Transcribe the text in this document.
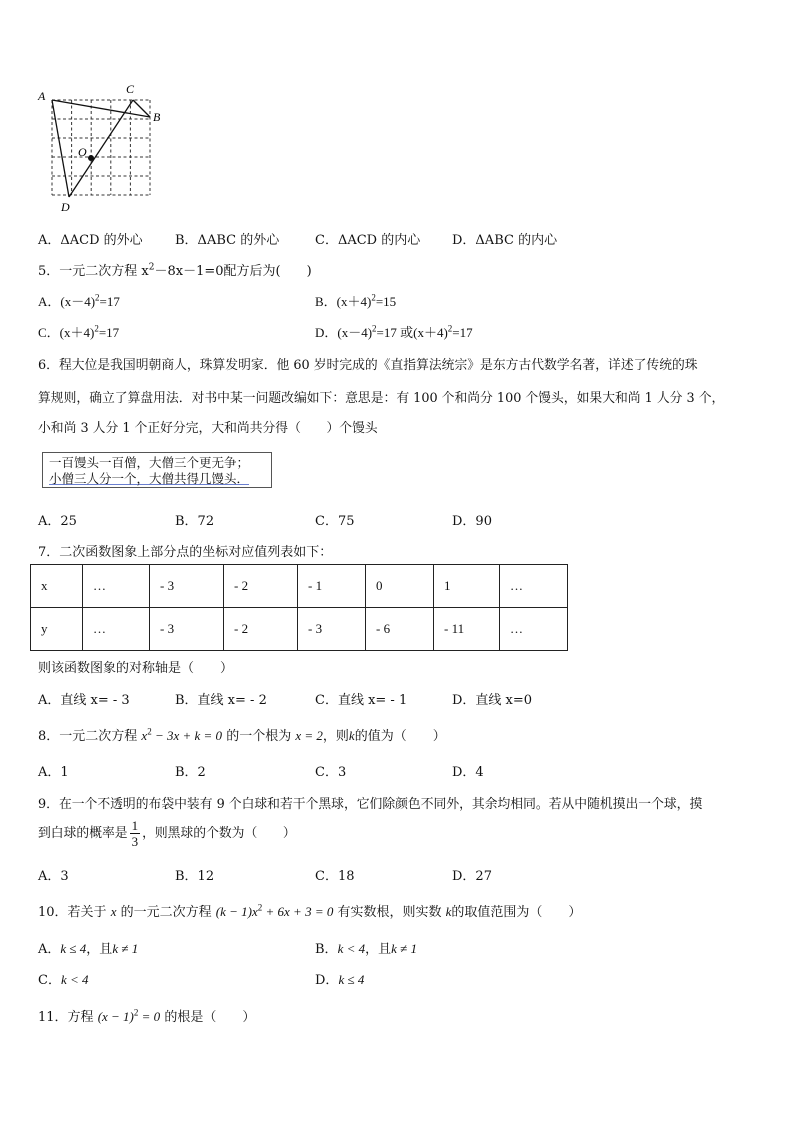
A	C
B
O
D
A．ΔACD 的外心 B．ΔABC 的外心	C．ΔACD 的内心 D．ΔABC 的内心
5．一元二次方程 $x^2-8x-1=0$配方后为(　　)
A．$(x-4)^2=17$	B．$(x+4)^2=15$
C．$(x+4)^2=17$	D．$(x-4)^2=17$ 或$(x+4)^2=17$
6．程大位是我国明朝商人，珠算发明家．他 60 岁时完成的《直指算法统宗》是东方古代数学名著，详述了传统的珠
算规则，确立了算盘用法．对书中某一问题改编如下：意思是：有 100 个和尚分 100 个馒头，如果大和尚 1 人分 3 个，
小和尚 3 人分 1 个正好分完，大和尚共分得（　　）个馒头
一百馒头一百僧，大僧三个更无争；
小僧三人分一个，大僧共得几馒头．
A．25	B．72	C．75	D．90
7．二次函数图象上部分点的坐标对应值列表如下：
x	…	- 3	- 2	- 1	0	1	…
y	…	- 3	- 2	- 3	- 6	- 11	…
则该函数图象的对称轴是（　　）
A．直线 x= - 3	B．直线 x= - 2	C．直线 x= - 1	D．直线 x=0
8．一元二次方程 $x^2 - 3x + k = 0$ 的一个根为 x = 2，则k的值为（　　）
A．1	B．2	C．3	D．4
9．在一个不透明的布袋中装有 9 个白球和若干个黑球，它们除颜色不同外，其余均相同。若从中随机摸出一个球，摸
到白球的概率是 $\frac{1}{3}$ ，则黑球的个数为（　　）
A．3	B．12	C．18	D．27
10．若关于 x 的一元二次方程 $(k - 1)x^2 + 6x + 3 = 0$ 有实数根，则实数 k的取值范围为（　　）
A．k ≤ 4，且k ≠ 1	B．k < 4，且k ≠ 1
C．k < 4	D．k ≤ 4
11．方程 $(x - 1)^2 = 0$ 的根是（　　）
